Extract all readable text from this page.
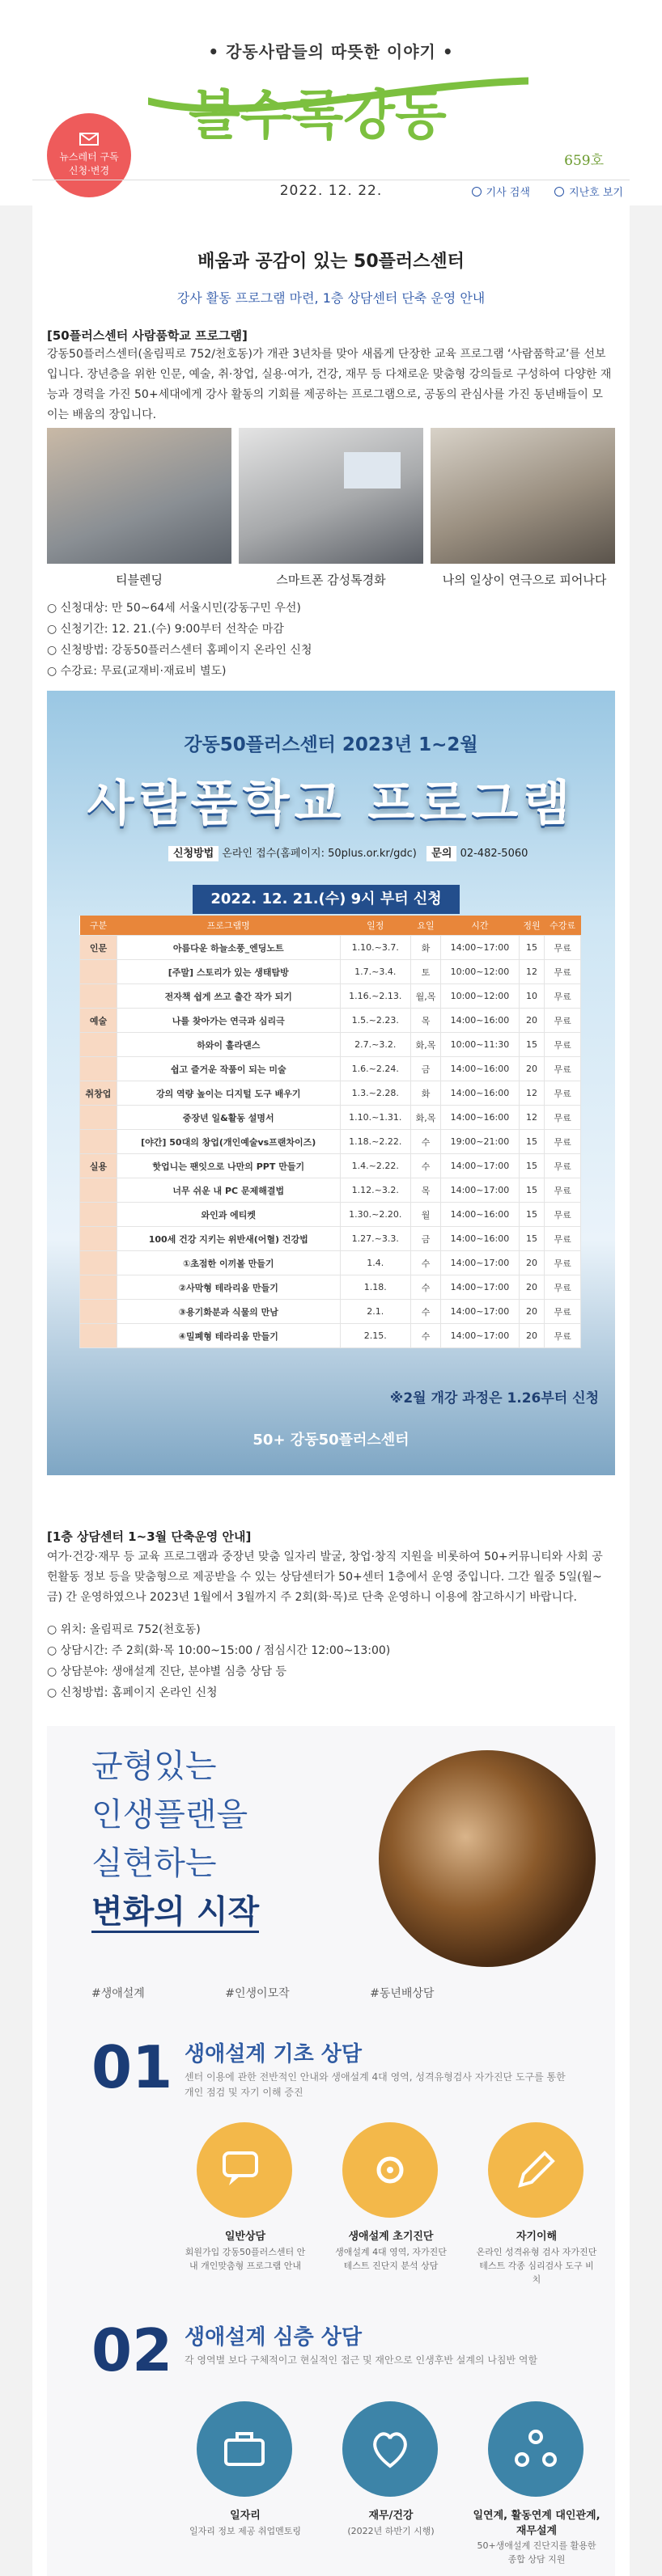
• 강동사람들의 따뜻한 이야기 •
볼수록강동
뉴스레터 구독
신청·변경
659호
2022. 12. 22.	기사 검색	지난호 보기
배움과 공감이 있는 50플러스센터
강사 활동 프로그램 마련, 1층 상담센터 단축 운영 안내
[50플러스센터 사람품학교 프로그램]
강동50플러스센터(올림픽로 752/천호동)가 개관 3년차를 맞아 새롭게 단장한 교육 프로그램 ‘사람품학교’를 선보입니다. 장년층을 위한 인문, 예술, 취·창업, 실용·여가, 건강, 재무 등 다채로운 맞춤형 강의들로 구성하여 다양한 재능과 경력을 가진 50+세대에게 강사 활동의 기회를 제공하는 프로그램으로, 공동의 관심사를 가진 동년배들이 모이는 배움의 장입니다.
티블렌딩	스마트폰 감성톡경화	나의 일상이 연극으로 피어나다
○ 신청대상: 만 50~64세 서울시민(강동구민 우선)
○ 신청기간: 12. 21.(수) 9:00부터 선착순 마감
○ 신청방법: 강동50플러스센터 홈페이지 온라인 신청
○ 수강료: 무료(교재비·재료비 별도)
강동50플러스센터 2023년 1~2월
사람품학교 프로그램
신청방법 온라인 접수(홈페이지: 50plus.or.kr/gdc) 문의 02-482-5060
2022. 12. 21.(수) 9시 부터 신청
구분	프로그램명	일정	요일	시간	정원	수강료
인문	아름다운 하늘소풍_엔딩노트	1.10.~3.7.	화	14:00~17:00	15	무료
	[주말] 스토리가 있는 생태탐방	1.7.~3.4.	토	10:00~12:00	12	무료
	전자책 쉽게 쓰고 출간 작가 되기	1.16.~2.13.	월,목	10:00~12:00	10	무료
예술	나를 찾아가는 연극과 심리극	1.5.~2.23.	목	14:00~16:00	20	무료
	하와이 훌라댄스	2.7.~3.2.	화,목	10:00~11:30	15	무료
	쉽고 즐거운 작품이 되는 미술	1.6.~2.24.	금	14:00~16:00	20	무료
취창업	강의 역량 높이는 디지털 도구 배우기	1.3.~2.28.	화	14:00~16:00	12	무료
	중장년 일&활동 설명서	1.10.~1.31.	화,목	14:00~16:00	12	무료
	[야간] 50대의 창업(개인예술vs프랜차이즈)	1.18.~2.22.	수	19:00~21:00	15	무료
실용	핫업니는 팬잇으로 나만의 PPT 만들기	1.4.~2.22.	수	14:00~17:00	15	무료
	너무 쉬운 내 PC 문제해결법	1.12.~3.2.	목	14:00~17:00	15	무료
	와인과 에티켓	1.30.~2.20.	월	14:00~16:00	15	무료
	100세 건강 지키는 위반새(어혈) 건강법	1.27.~3.3.	금	14:00~16:00	15	무료
	①초점한 이끼볼 만들기	1.4.	수	14:00~17:00	20	무료
	②사막형 테라리움 만들기	1.18.	수	14:00~17:00	20	무료
	③용기화분과 식물의 만남	2.1.	수	14:00~17:00	20	무료
	④밀폐형 테라리움 만들기	2.15.	수	14:00~17:00	20	무료
※2월 개강 과정은 1.26부터 신청
50+ 강동50플러스센터
[1층 상담센터 1~3월 단축운영 안내]
여가·건강·재무 등 교육 프로그램과 중장년 맞춤 일자리 발굴, 창업·창직 지원을 비롯하여 50+커뮤니티와 사회 공헌활동 정보 등을 맞춤형으로 제공받을 수 있는 상담센터가 50+센터 1층에서 운영 중입니다. 그간 월중 5일(월~금) 간 운영하였으나 2023년 1월에서 3월까지 주 2회(화·목)로 단축 운영하니 이용에 참고하시기 바랍니다.
○ 위치: 올림픽로 752(천호동)
○ 상담시간: 주 2회(화·목 10:00~15:00 / 점심시간 12:00~13:00)
○ 상담분야: 생애설계 진단, 분야별 심층 상담 등
○ 신청방법: 홈페이지 온라인 신청
균형있는
인생플랜을
실현하는
변화의 시작
#생애설계	#인생이모작	#동년배상담
01 생애설계 기초 상담
센터 이용에 관한 전반적인 안내와 생애설계 4대 영역, 성격유형검사 자가진단 도구를 통한 개인 점검 및 자기 이해 증진
일반상담
회원가입 강동50플러스센터 안내 개인맞춤형 프로그램 안내
생애설계 초기진단
생애설계 4대 영역, 자가진단 테스트 진단지 분석 상담
자기이해
온라인 성격유형 검사 자가진단 테스트 각종 심리검사 도구 비치
02 생애설계 심층 상담
각 영역별 보다 구체적이고 현실적인 접근 및 재안으로 인생후반 설계의 나침반 역할
일자리
일자리 정보 제공 취업멘토링
재무/건강
(2022년 하반기 시행)
일연계, 활동연계 대인관계, 재무설계
50+생애설계 진단지를 활용한 종합 상담 지원
